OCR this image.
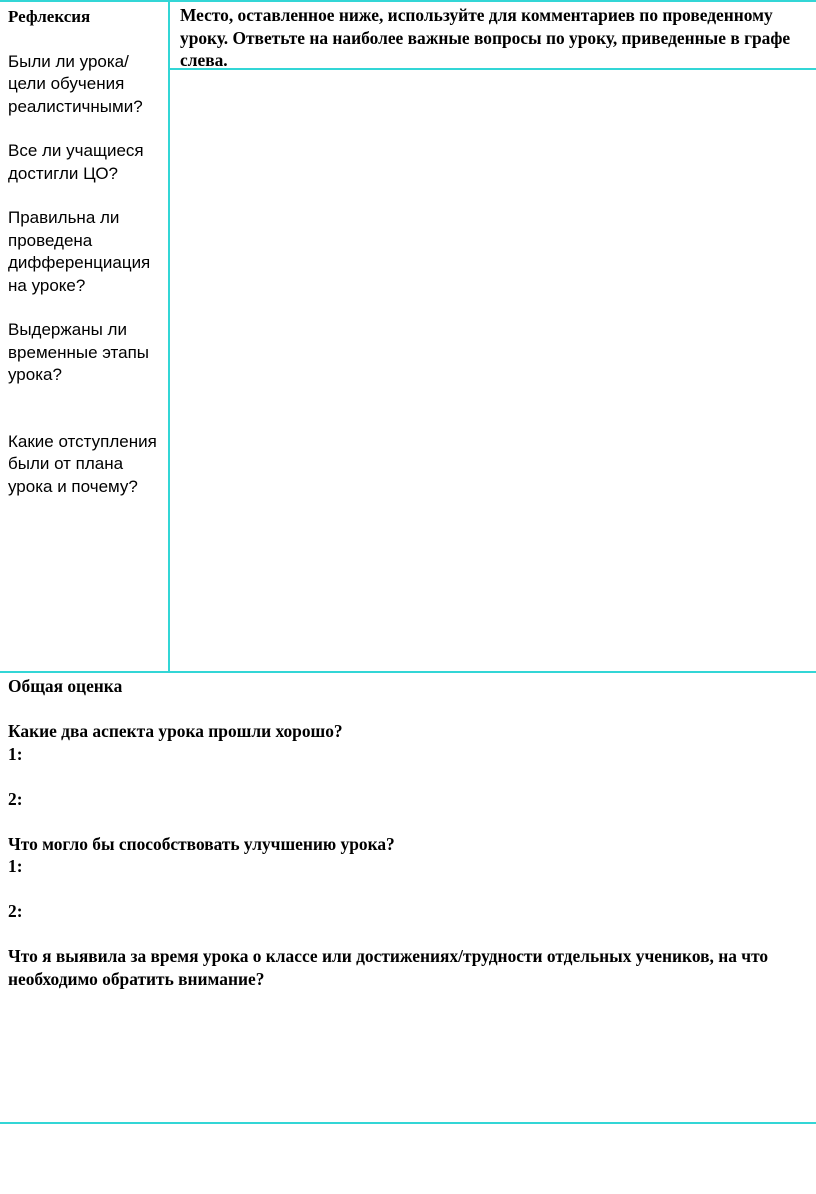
Рефлексия
Были ли урока/цели обучения реалистичными?
Все ли учащиеся достигли ЦО?
Правильна ли проведена дифференциация на уроке?
Выдержаны ли временные этапы урока?
Какие отступления были от плана урока и почему?
Место, оставленное ниже, используйте для комментариев по проведенному уроку. Ответьте на наиболее важные вопросы по уроку, приведенные в графе слева.

Общая оценка

Какие два аспекта урока прошли хорошо?

1:

2:

Что могло бы способствовать улучшению урока?

1:

2:

Что я выявила за время урока о классе или достижениях/трудности отдельных учеников, на что необходимо обратить внимание?
